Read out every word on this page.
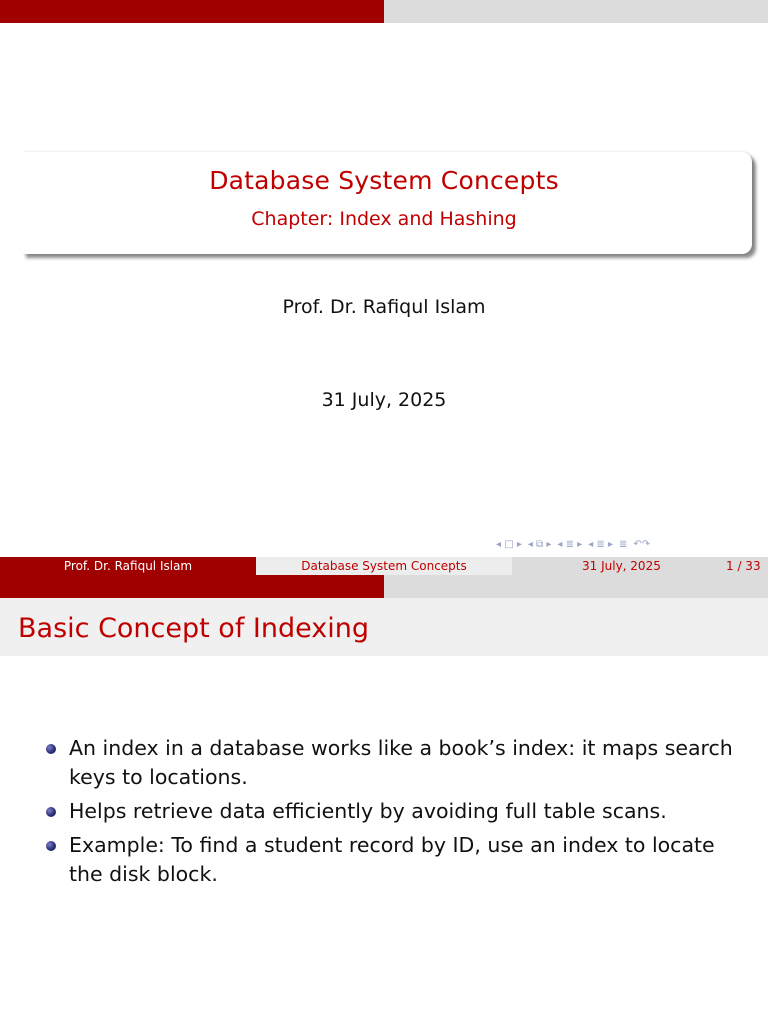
Database System Concepts
Chapter: Index and Hashing
Prof. Dr. Rafiqul Islam
31 July, 2025
◂ □ ▸ ◂ ⧉ ▸ ◂ ≣ ▸ ◂ ≣ ▸ ≣ ↶↷
Prof. Dr. Rafiqul Islam	Database System Concepts	31 July, 2025	1 / 33
Basic Concept of Indexing
An index in a database works like a book’s index: it maps search keys to locations.
Helps retrieve data efficiently by avoiding full table scans.
Example: To find a student record by ID, use an index to locate the disk block.
